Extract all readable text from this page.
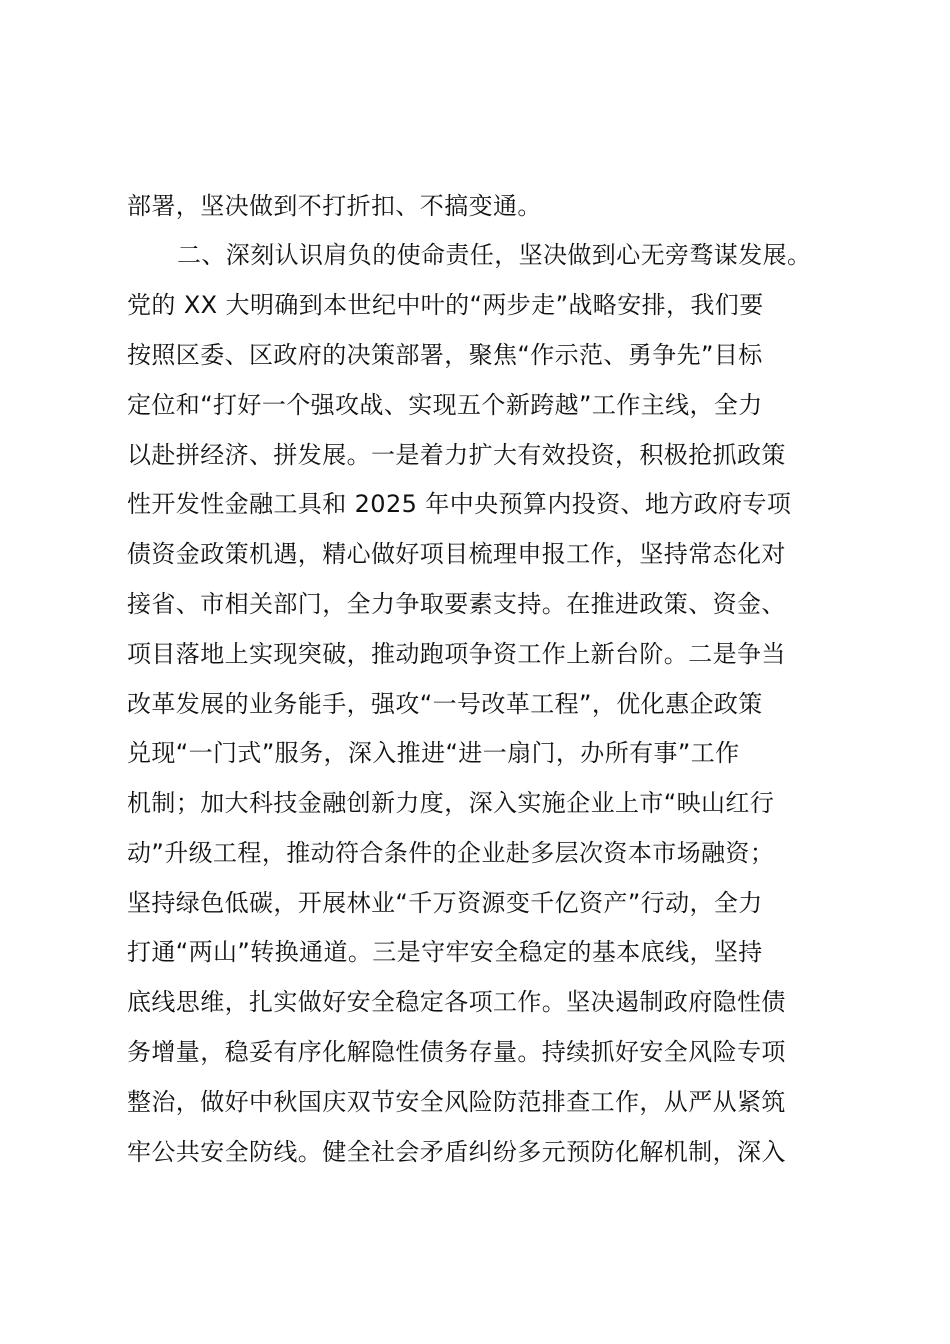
部署，坚决做到不打折扣、不搞变通。
二、深刻认识肩负的使命责任，坚决做到心无旁骛谋发展。
党的 XX 大明确到本世纪中叶的“两步走”战略安排，我们要
按照区委、区政府的决策部署，聚焦“作示范、勇争先”目标
定位和“打好一个强攻战、实现五个新跨越”工作主线，全力
以赴拼经济、拼发展。一是着力扩大有效投资，积极抢抓政策
性开发性金融工具和 2025 年中央预算内投资、地方政府专项
债资金政策机遇，精心做好项目梳理申报工作，坚持常态化对
接省、市相关部门，全力争取要素支持。在推进政策、资金、
项目落地上实现突破，推动跑项争资工作上新台阶。二是争当
改革发展的业务能手，强攻“一号改革工程”，优化惠企政策
兑现“一门式”服务，深入推进“进一扇门，办所有事”工作
机制；加大科技金融创新力度，深入实施企业上市“映山红行
动”升级工程，推动符合条件的企业赴多层次资本市场融资；
坚持绿色低碳，开展林业“千万资源变千亿资产”行动，全力
打通“两山”转换通道。三是守牢安全稳定的基本底线，坚持
底线思维，扎实做好安全稳定各项工作。坚决遏制政府隐性债
务增量，稳妥有序化解隐性债务存量。持续抓好安全风险专项
整治，做好中秋国庆双节安全风险防范排查工作，从严从紧筑
牢公共安全防线。健全社会矛盾纠纷多元预防化解机制，深入
